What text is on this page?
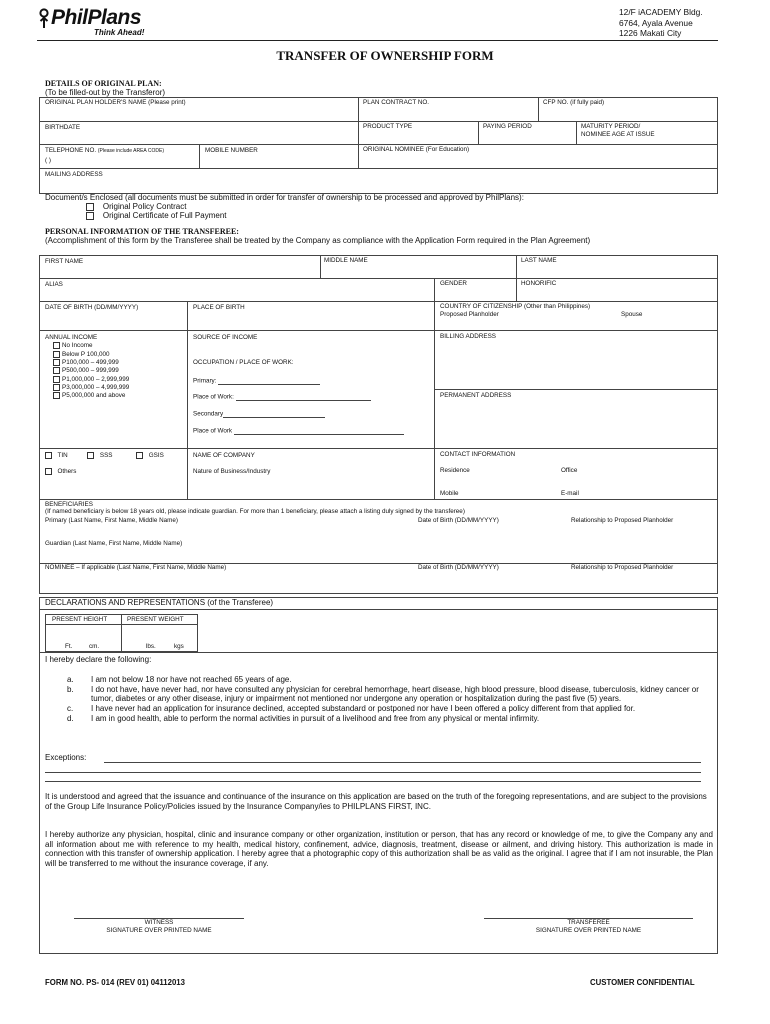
PhilPlans
Think Ahead!
12/F iACADEMY Bldg.
6764, Ayala Avenue
1226 Makati City
TRANSFER OF OWNERSHIP FORM
DETAILS OF ORIGINAL PLAN:
(To be filled-out by the Transferor)
ORIGINAL PLAN HOLDER'S NAME (Please print)	PLAN CONTRACT NO.	CFP NO. (if fully paid)
BIRTHDATE	PRODUCT TYPE	PAYING PERIOD	MATURITY PERIOD/
NOMINEE AGE AT ISSUE
TELEPHONE NO. (Please include AREA CODE)
( )
MOBILE NUMBER	ORIGINAL NOMINEE (For Education)
MAILING ADDRESS
Document/s Enclosed (all documents must be submitted in order for transfer of ownership to be processed and approved by PhilPlans):
Original Policy Contract
Original Certificate of Full Payment
PERSONAL INFORMATION OF THE TRANSFEREE:
(Accomplishment of this form by the Transferee shall be treated by the Company as compliance with the Application Form required in the Plan Agreement)
FIRST NAME	MIDDLE NAME	LAST NAME
ALIAS	GENDER	HONORIFIC
DATE OF BIRTH (DD/MM/YYYY)	PLACE OF BIRTH	COUNTRY OF CITIZENSHIP (Other than Philippines)
Proposed Planholder	Spouse
ANNUAL INCOME
No Income
Below P 100,000
P100,000 – 499,999
P500,000 – 999,999
P1,000,000 – 2,999,999
P3,000,000 – 4,999,999
P5,000,000 and above
SOURCE OF INCOME
OCCUPATION / PLACE OF WORK:
Primary:
Place of Work:
Secondary
Place of Work
BILLING ADDRESS
PERMANENT ADDRESS
TIN	SSS	GSIS
Others
NAME OF COMPANY
Nature of Business/Industry
CONTACT INFORMATION
Residence	Office
Mobile	E-mail
BENEFICIARIES
(If named beneficiary is below 18 years old, please indicate guardian. For more than 1 beneficiary, please attach a listing duly signed by the transferee)
Primary (Last Name, First Name, Middle Name)	Date of Birth (DD/MM/YYYY)	Relationship to Proposed Planholder
Guardian (Last Name, First Name, Middle Name)
NOMINEE – If applicable (Last Name, First Name, Middle Name)	Date of Birth (DD/MM/YYYY)	Relationship to Proposed Planholder
DECLARATIONS AND REPRESENTATIONS (of the Transferee)
PRESENT HEIGHT	PRESENT WEIGHT
Ft.	cm.	lbs.	kgs
I hereby declare the following:
a.	I am not below 18 nor have not reached 65 years of age.
b.	I do not have, have never had, nor have consulted any physician for cerebral hemorrhage, heart disease, high blood pressure, blood disease, tuberculosis, kidney cancer or tumor, diabetes or any other disease, injury or impairment not mentioned nor undergone any operation or hospitalization during the past five (5) years.
c.	I have never had an application for insurance declined, accepted substandard or postponed nor have I been offered a policy different from that applied for.
d.	I am in good health, able to perform the normal activities in pursuit of a livelihood and free from any physical or mental infirmity.
Exceptions:
It is understood and agreed that the issuance and continuance of the insurance on this application are based on the truth of the foregoing representations, and are subject to the provisions of the Group Life Insurance Policy/Policies issued by the Insurance Company/ies to PHILPLANS FIRST, INC.
I hereby authorize any physician, hospital, clinic and insurance company or other organization, institution or person, that has any record or knowledge of me, to give the Company any and all information about me with reference to my health, medical history, confinement, advice, diagnosis, treatment, disease or ailment, and driving history. This authorization is made in connection with this transfer of ownership application. I hereby agree that a photographic copy of this authorization shall be as valid as the original. I agree that if I am not insurable, the Plan will be transferred to me without the insurance coverage, if any.
WITNESS
SIGNATURE OVER PRINTED NAME
TRANSFEREE
SIGNATURE OVER PRINTED NAME
FORM NO. PS- 014 (REV 01) 04112013	CUSTOMER CONFIDENTIAL
